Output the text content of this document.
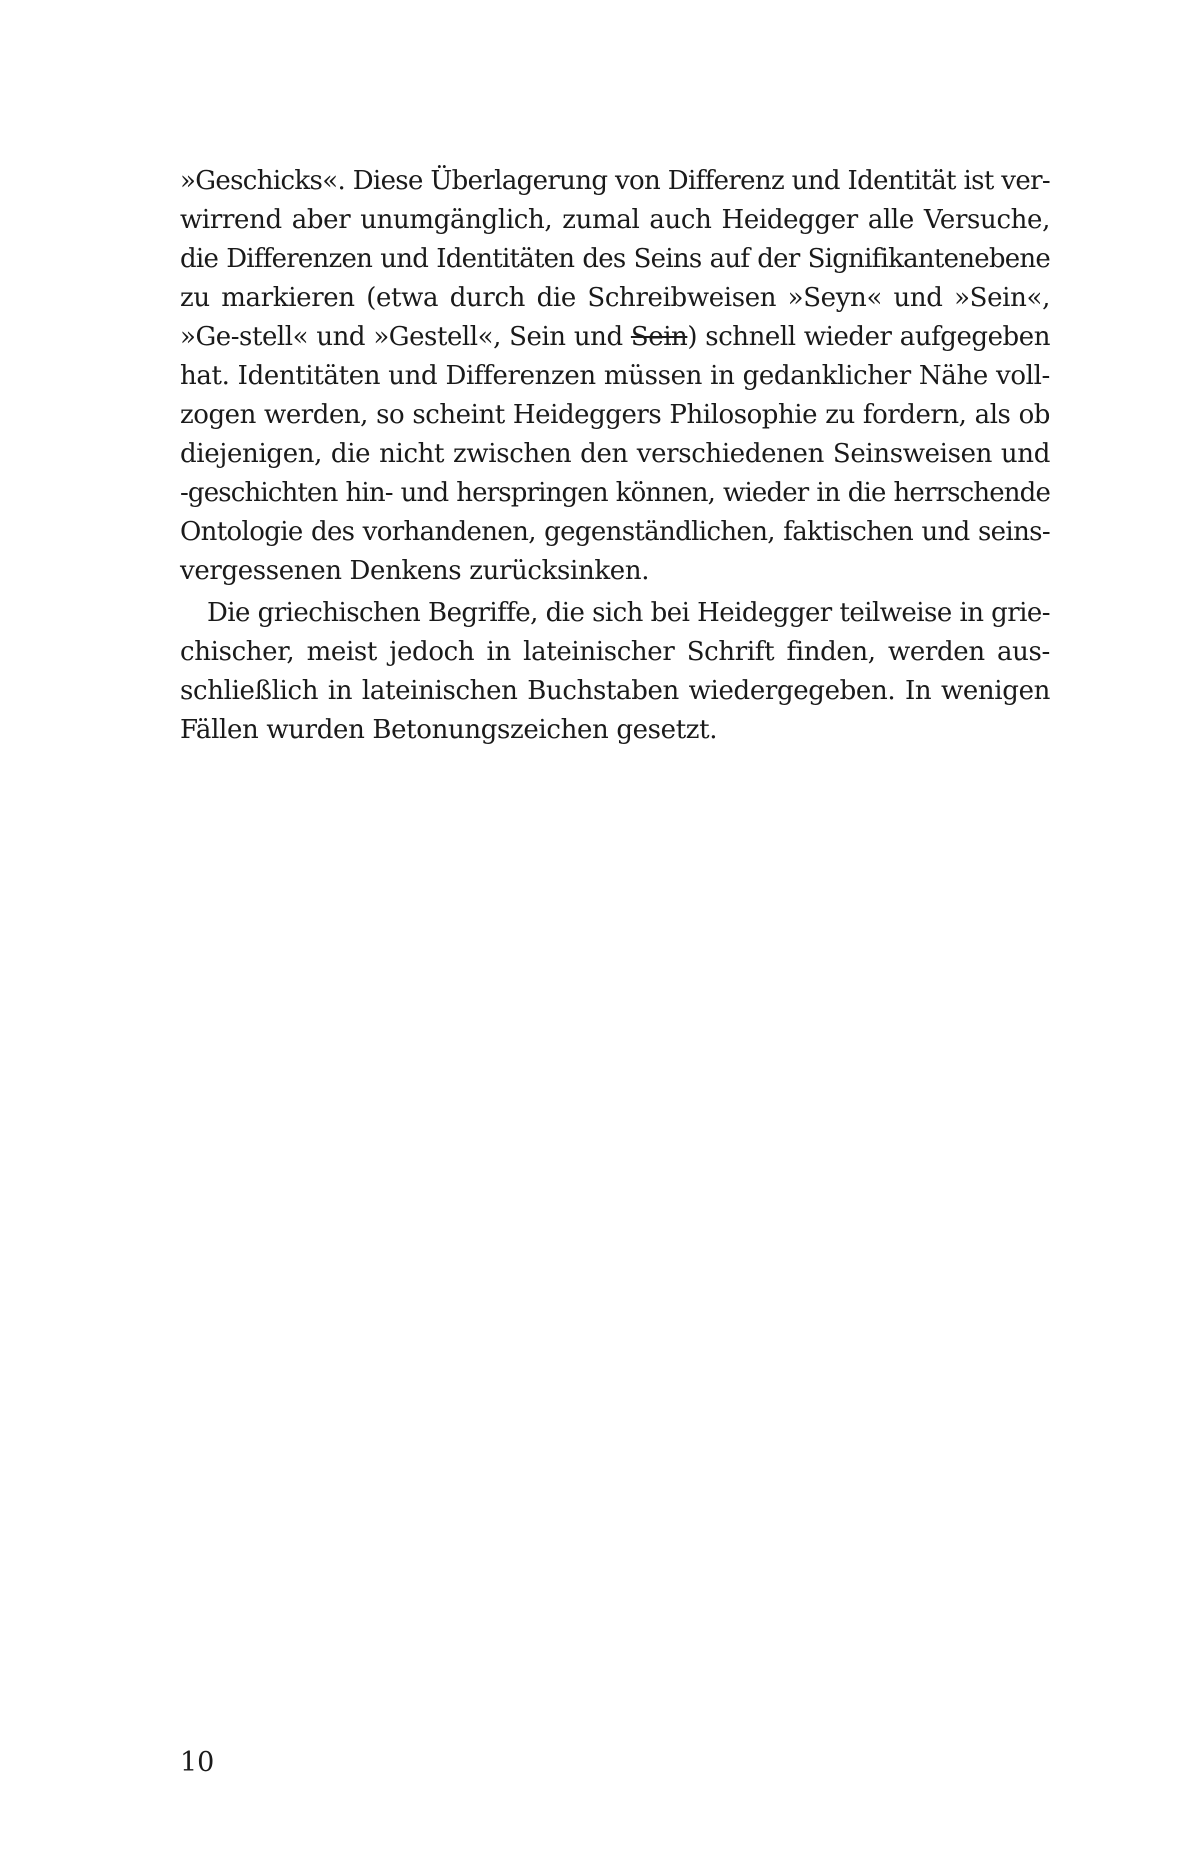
»Geschicks«. Diese Überlagerung von Differenz und Identität ist ver-
wirrend aber unumgänglich, zumal auch Heidegger alle Versuche,
die Differenzen und Identitäten des Seins auf der Signifikantenebene
zu markieren (etwa durch die Schreibweisen »Seyn« und »Sein«,
»Ge-stell« und »Gestell«, Sein und Sein) schnell wieder aufgegeben
hat. Identitäten und Differenzen müssen in gedanklicher Nähe voll-
zogen werden, so scheint Heideggers Philosophie zu fordern, als ob
diejenigen, die nicht zwischen den verschiedenen Seinsweisen und
-geschichten hin- und herspringen können, wieder in die herrschende
Ontologie des vorhandenen, gegenständlichen, faktischen und seins-
vergessenen Denkens zurücksinken.
Die griechischen Begriffe, die sich bei Heidegger teilweise in grie-
chischer, meist jedoch in lateinischer Schrift finden, werden aus-
schließlich in lateinischen Buchstaben wiedergegeben. In wenigen
Fällen wurden Betonungszeichen gesetzt.
10
